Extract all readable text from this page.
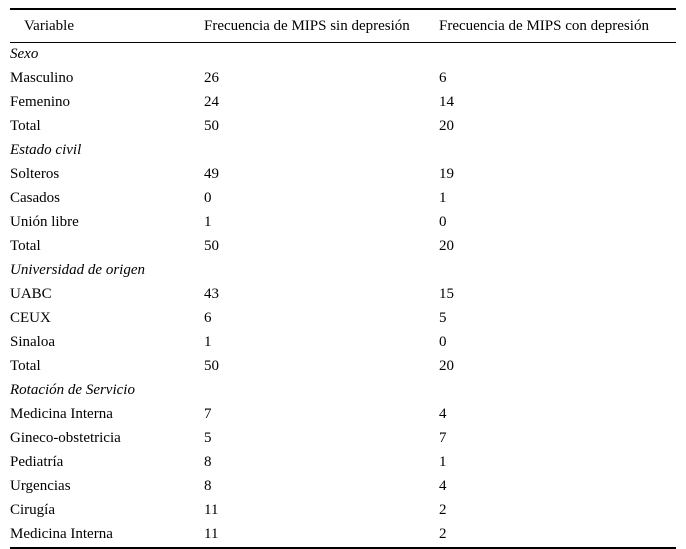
Variable	Frecuencia de MIPS sin depresión	Frecuencia de MIPS con depresión
Sexo		
Masculino	26	6
Femenino	24	14
Total	50	20
Estado civil		
Solteros	49	19
Casados	0	1
Unión libre	1	0
Total	50	20
Universidad de origen		
UABC	43	15
CEUX	6	5
Sinaloa	1	0
Total	50	20
Rotación de Servicio		
Medicina Interna	7	4
Gineco-obstetricia	5	7
Pediatría	8	1
Urgencias	8	4
Cirugía	11	2
Medicina Interna	11	2
